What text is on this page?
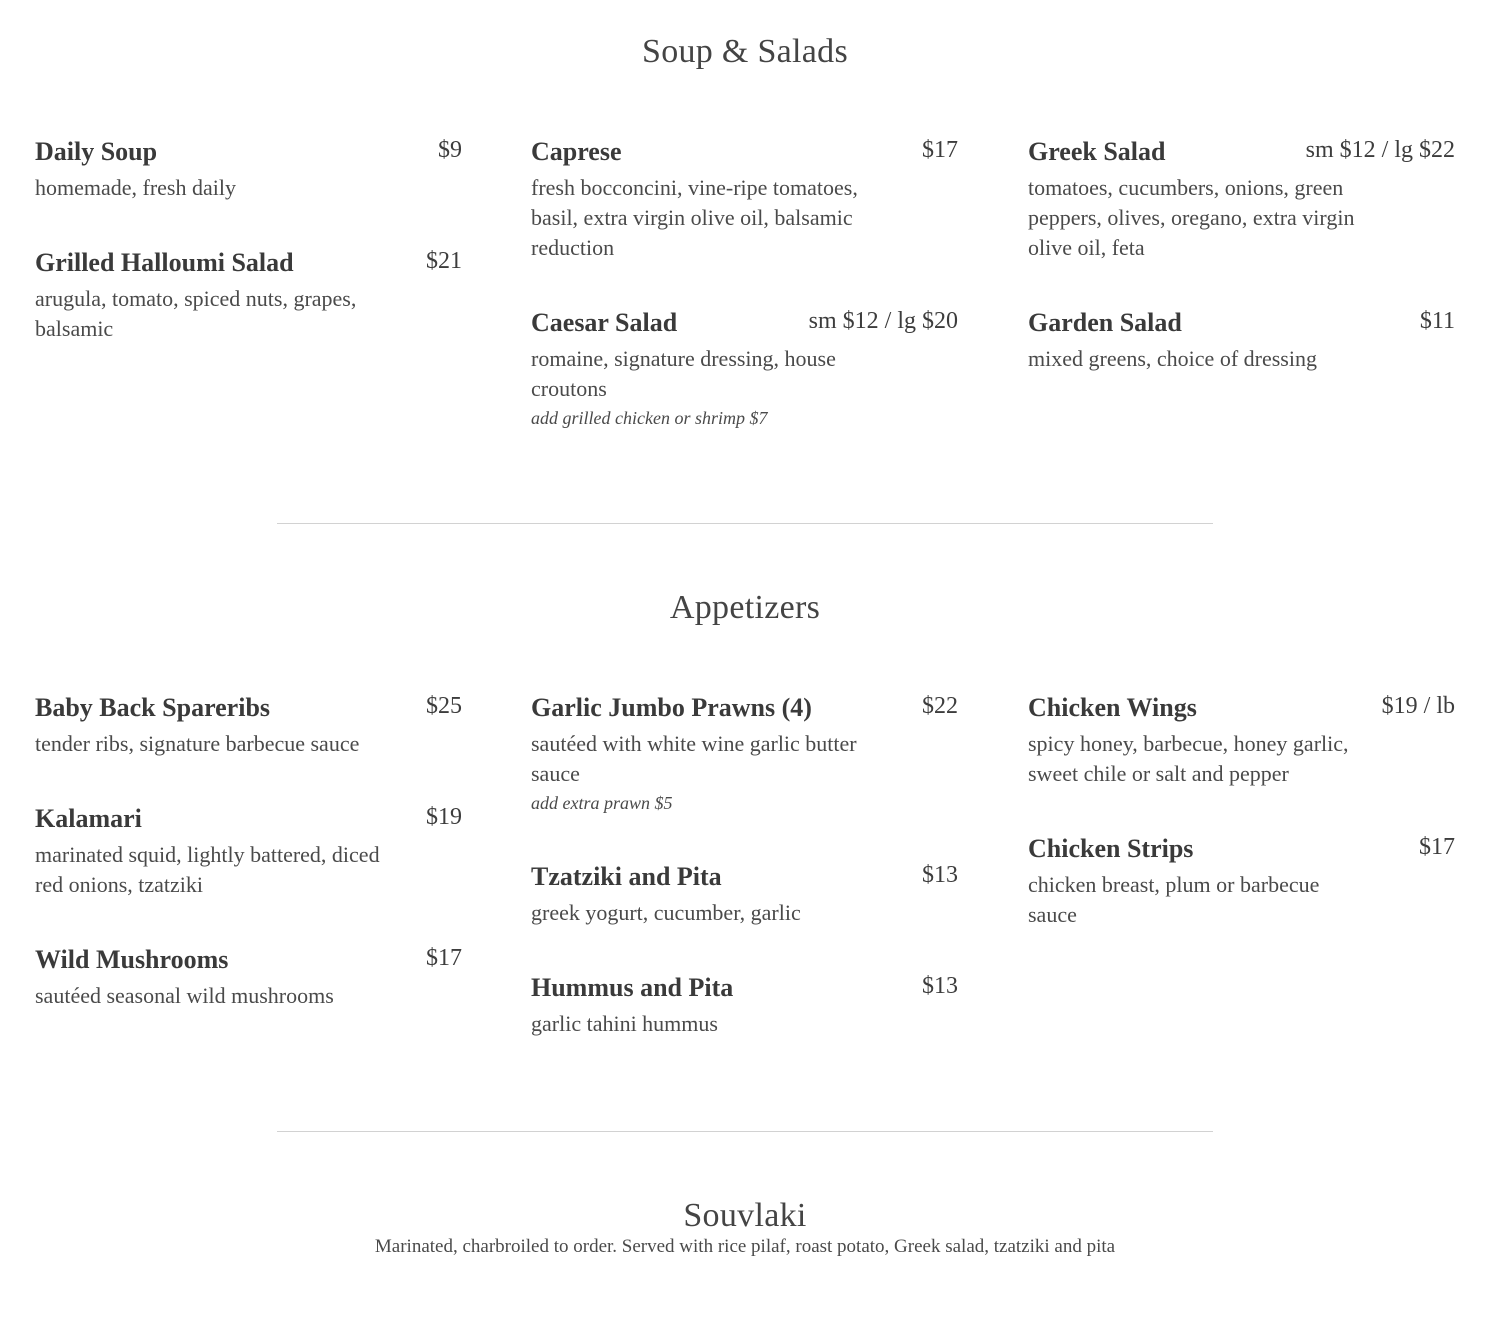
Soup & Salads
Daily Soup	$9
homemade, fresh daily
Grilled Halloumi Salad	$21
arugula, tomato, spiced nuts, grapes, balsamic
Caprese	$17
fresh bocconcini, vine-ripe tomatoes, basil, extra virgin olive oil, balsamic reduction
Caesar Salad	sm $12 / lg $20
romaine, signature dressing, house croutons
add grilled chicken or shrimp $7
Greek Salad	sm $12 / lg $22
tomatoes, cucumbers, onions, green peppers, olives, oregano, extra virgin olive oil, feta
Garden Salad	$11
mixed greens, choice of dressing
Appetizers
Baby Back Spareribs	$25
tender ribs, signature barbecue sauce
Kalamari	$19
marinated squid, lightly battered, diced red onions, tzatziki
Wild Mushrooms	$17
sautéed seasonal wild mushrooms
Garlic Jumbo Prawns (4)	$22
sautéed with white wine garlic butter sauce
add extra prawn $5
Tzatziki and Pita	$13
greek yogurt, cucumber, garlic
Hummus and Pita	$13
garlic tahini hummus
Chicken Wings	$19 / lb
spicy honey, barbecue, honey garlic, sweet chile or salt and pepper
Chicken Strips	$17
chicken breast, plum or barbecue sauce
Souvlaki

Marinated, charbroiled to order. Served with rice pilaf, roast potato, Greek salad, tzatziki and pita
